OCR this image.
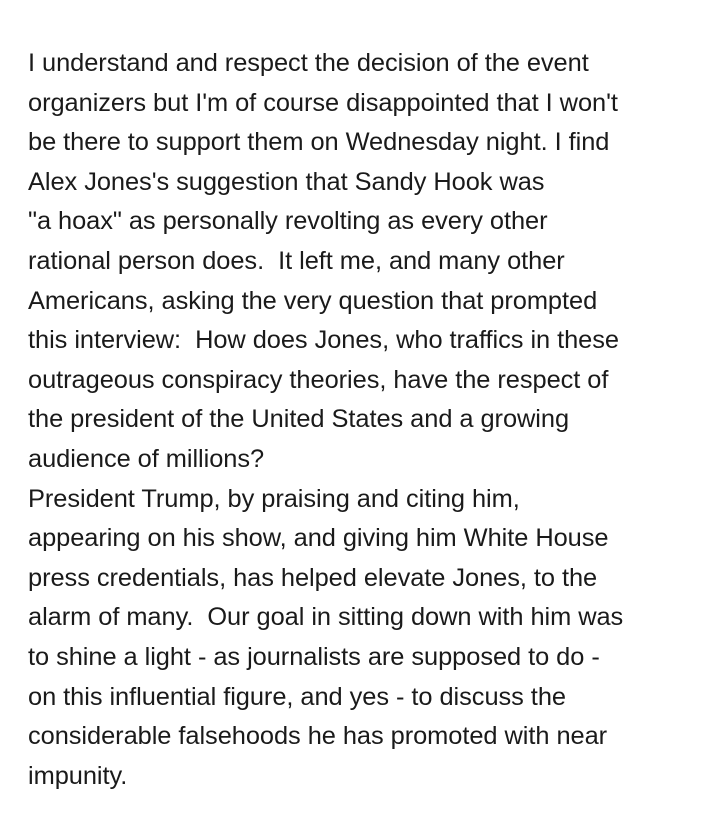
I understand and respect the decision of the event
organizers but I'm of course disappointed that I won't
be there to support them on Wednesday night. I find
Alex Jones's suggestion that Sandy Hook was
"a hoax" as personally revolting as every other
rational person does.  It left me, and many other
Americans, asking the very question that prompted
this interview:  How does Jones, who traffics in these
outrageous conspiracy theories, have the respect of
the president of the United States and a growing
audience of millions?
President Trump, by praising and citing him,
appearing on his show, and giving him White House
press credentials, has helped elevate Jones, to the
alarm of many.  Our goal in sitting down with him was
to shine a light - as journalists are supposed to do -
on this influential figure, and yes - to discuss the
considerable falsehoods he has promoted with near
impunity.
